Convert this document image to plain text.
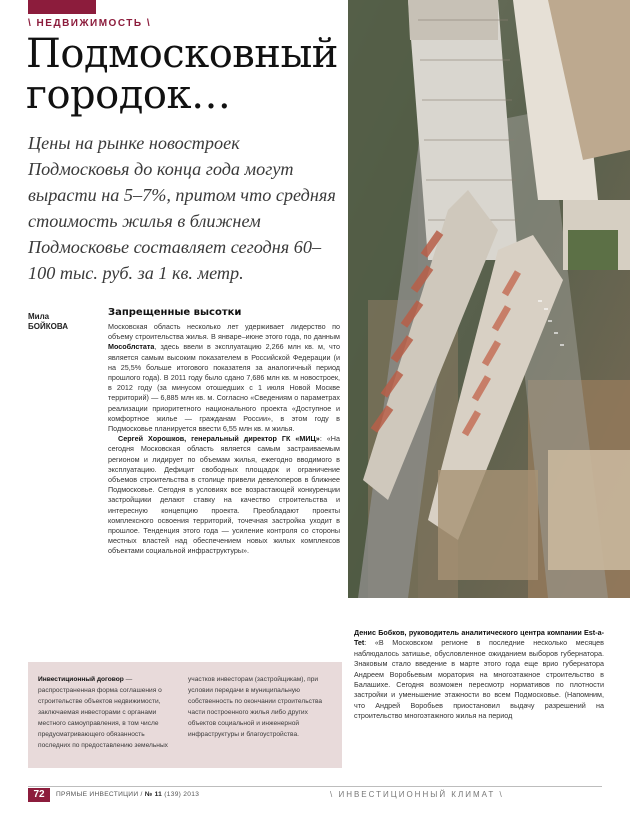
\ НЕДВИЖИМОСТЬ \
Подмосковный
городок…
Цены на рынке новостроек Подмосковья до конца года могут вырасти на 5–7%, притом что средняя стоимость жилья в ближнем Подмосковье составляет сегодня 60–100 тыс. руб. за 1 кв. метр.
Мила
БОЙКОВА
Запрещенные высотки

Московская область несколько лет удерживает лидерство по объему строительства жилья. В январе–июне этого года, по данным Мособлстата, здесь ввели в эксплуатацию 2,266 млн кв. м, что является самым высоким показателем в Российской Федерации (и на 25,5% больше итогового показателя за аналогичный период прошлого года). В 2011 году было сдано 7,686 млн кв. м новостроек, в 2012 году (за минусом отошедших с 1 июля Новой Москве территорий) — 6,885 млн кв. м. Согласно «Сведениям о параметрах реализации приоритетного национального проекта «Доступное и комфортное жилье — гражданам России», в этом году в Подмосковье планируется ввести 6,55 млн кв. м жилья.

Сергей Хорошков, генеральный директор ГК «МИЦ»: «На сегодня Московская область является самым застраиваемым регионом и лидирует по объемам жилья, ежегодно вводимого в эксплуатацию. Дефицит свободных площадок и ограничение объемов строительства в столице привели девелоперов в ближнее Подмосковье. Сегодня в условиях все возрастающей конкуренции застройщики делают ставку на качество строительства и интересную концепцию проекта. Преобладают проекты комплексного освоения территорий, точечная застройка уходит в прошлое. Тенденция этого года — усиление контроля со стороны местных властей над обеспечением новых жилых комплексов объектами социальной инфраструктуры».

Денис Бобков, руководитель аналитического центра компании Est-a-Tet: «В Московском регионе в последние несколько месяцев наблюдалось затишье, обусловленное ожиданием выборов губернатора. Знаковым стало введение в марте этого года еще врио губернатора Андреем Воробьевым моратория на многоэтажное строительство в Балашихе. Сегодня возможен пересмотр нормативов по плотности застройки и уменьшение этажности во всем Подмосковье. (Напомним, что Андрей Воробьев приостановил выдачу разрешений на строительство многоэтажного жилья на период

Инвестиционный договор — распространенная форма соглашения о строительстве объектов недвижимости, заключаемая инвесторами с органами местного самоуправления, в том числе предусматривающего обязанность последних по предоставлению земельных
участков инвесторам (застройщикам), при условии передачи в муниципальную собственность по окончании строительства части построенного жилья либо других объектов социальной и инженерной инфраструктуры и благоустройства.
72	ПРЯМЫЕ ИНВЕСТИЦИИ / № 11 (139) 2013	\ ИНВЕСТИЦИОННЫЙ КЛИМАТ \
